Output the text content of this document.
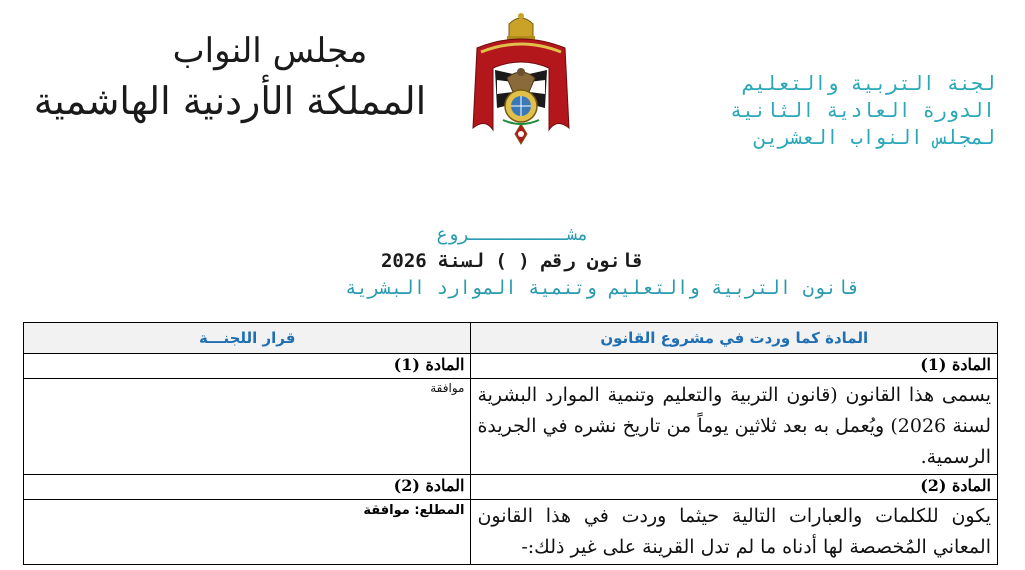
مجلس النواب
المملكة الأردنية الهاشمية	لجنة التربية والتعليم
الدورة العادية الثانية
لمجلس النواب العشرين
مشـــــــــروع
قانون رقم ( ) لسنة 2026
قانون التربية والتعليم وتنمية الموارد البشرية
المادة كما وردت في مشروع القانون	قرار اللجنـــة
المادة (1)	المادة (1)

يسمى هذا القانون (قانون التربية والتعليم وتنمية الموارد البشرية لسنة 2026) ويُعمل به بعد ثلاثين يوماً من تاريخ نشره في الجريدة الرسمية.	موافقة

المادة (2)	المادة (2)

يكون للكلمات والعبارات التالية حيثما وردت في هذا القانون المعاني المُخصصة لها أدناه ما لم تدل القرينة على غير ذلك:-	المطلع: موافقة
